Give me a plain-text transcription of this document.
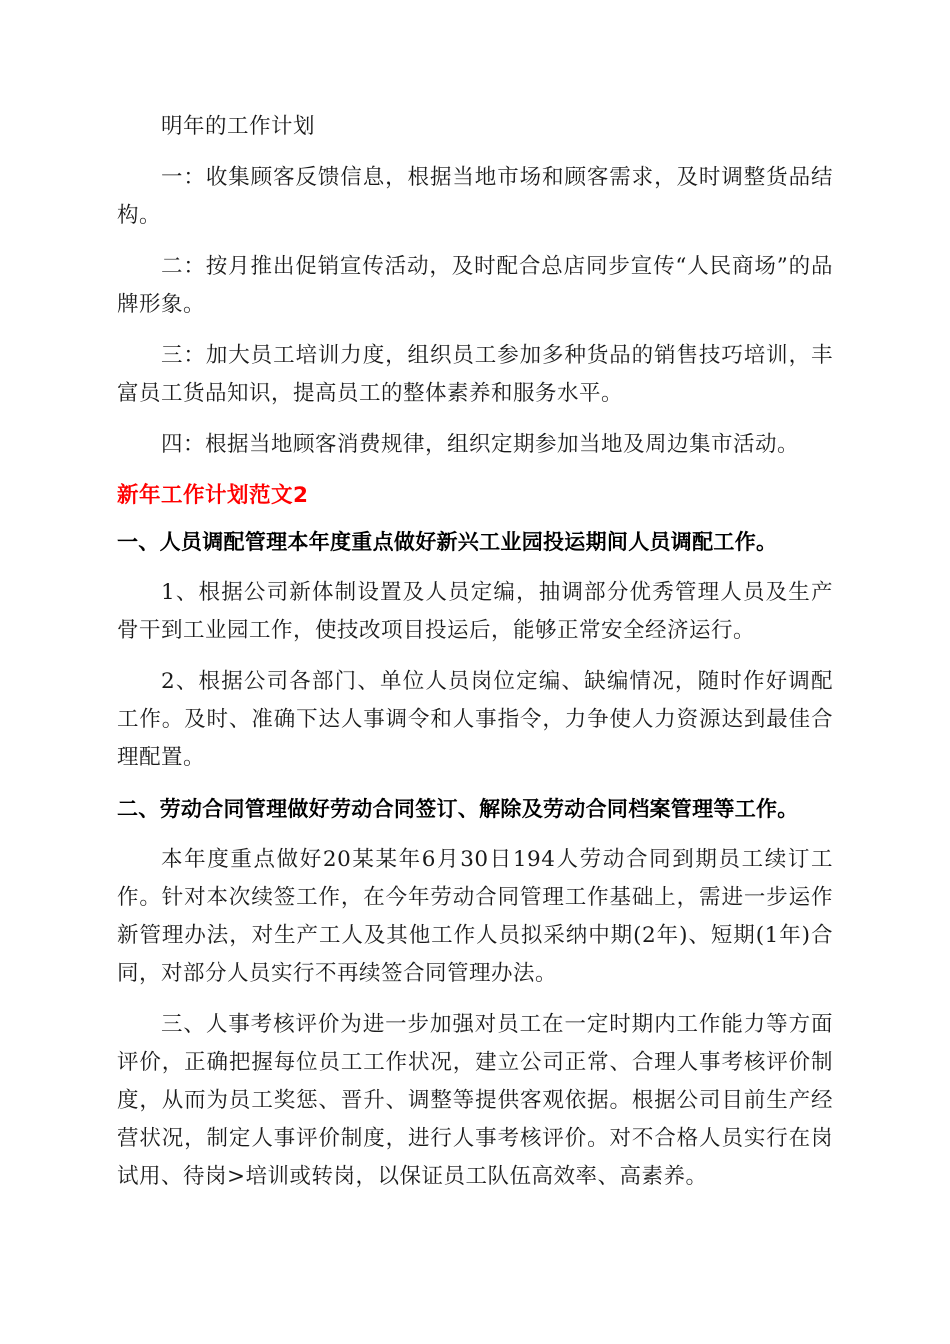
明年的工作计划

一：收集顾客反馈信息，根据当地市场和顾客需求，及时调整货品结构。

二：按月推出促销宣传活动，及时配合总店同步宣传“人民商场”的品牌形象。

三：加大员工培训力度，组织员工参加多种货品的销售技巧培训，丰富员工货品知识，提高员工的整体素养和服务水平。

四：根据当地顾客消费规律，组织定期参加当地及周边集市活动。

新年工作计划范文2
一、人员调配管理本年度重点做好新兴工业园投运期间人员调配工作。

1、根据公司新体制设置及人员定编，抽调部分优秀管理人员及生产骨干到工业园工作，使技改项目投运后，能够正常安全经济运行。

2、根据公司各部门、单位人员岗位定编、缺编情况，随时作好调配工作。及时、准确下达人事调令和人事指令，力争使人力资源达到最佳合理配置。

二、劳动合同管理做好劳动合同签订、解除及劳动合同档案管理等工作。

本年度重点做好20某某年6月30日194人劳动合同到期员工续订工作。针对本次续签工作，在今年劳动合同管理工作基础上，需进一步运作新管理办法，对生产工人及其他工作人员拟采纳中期(2年)、短期(1年)合同，对部分人员实行不再续签合同管理办法。

三、人事考核评价为进一步加强对员工在一定时期内工作能力等方面评价，正确把握每位员工工作状况，建立公司正常、合理人事考核评价制度，从而为员工奖惩、晋升、调整等提供客观依据。根据公司目前生产经营状况，制定人事评价制度，进行人事考核评价。对不合格人员实行在岗试用、待岗>培训或转岗，以保证员工队伍高效率、高素养。
